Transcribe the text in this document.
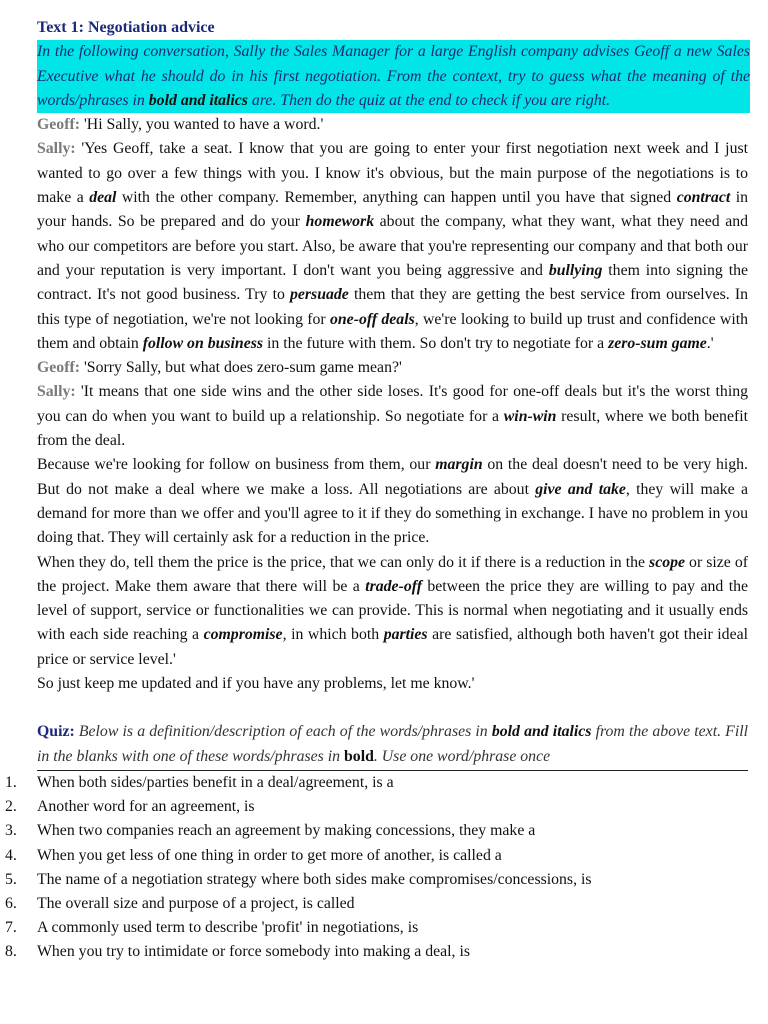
Text 1: Negotiation advice
In the following conversation, Sally the Sales Manager for a large English company advises Geoff a new Sales Executive what he should do in his first negotiation. From the context, try to guess what the meaning of the words/phrases in bold and italics are. Then do the quiz at the end to check if you are right.

Geoff: 'Hi Sally, you wanted to have a word.'

Sally: 'Yes Geoff, take a seat. I know that you are going to enter your first negotiation next week and I just wanted to go over a few things with you. I know it's obvious, but the main purpose of the negotiations is to make a deal with the other company. Remember, anything can happen until you have that signed contract in your hands. So be prepared and do your homework about the company, what they want, what they need and who our competitors are before you start. Also, be aware that you're representing our company and that both our and your reputation is very important. I don't want you being aggressive and bullying them into signing the contract. It's not good business. Try to persuade them that they are getting the best service from ourselves. In this type of negotiation, we're not looking for one-off deals, we're looking to build up trust and confidence with them and obtain follow on business in the future with them. So don't try to negotiate for a zero-sum game.'

Geoff: 'Sorry Sally, but what does zero-sum game mean?'

Sally: 'It means that one side wins and the other side loses. It's good for one-off deals but it's the worst thing you can do when you want to build up a relationship. So negotiate for a win-win result, where we both benefit from the deal.

Because we're looking for follow on business from them, our margin on the deal doesn't need to be very high. But do not make a deal where we make a loss. All negotiations are about give and take, they will make a demand for more than we offer and you'll agree to it if they do something in exchange. I have no problem in you doing that. They will certainly ask for a reduction in the price.

When they do, tell them the price is the price, that we can only do it if there is a reduction in the scope or size of the project. Make them aware that there will be a trade-off between the price they are willing to pay and the level of support, service or functionalities we can provide. This is normal when negotiating and it usually ends with each side reaching a compromise, in which both parties are satisfied, although both haven't got their ideal price or service level.'

So just keep me updated and if you have any problems, let me know.'

Quiz: Below is a definition/description of each of the words/phrases in bold and italics from the above text. Fill in the blanks with one of these words/phrases in bold. Use one word/phrase once
1.	When both sides/parties benefit in a deal/agreement, is a
2.	Another word for an agreement, is
3.	When two companies reach an agreement by making concessions, they make a
4.	When you get less of one thing in order to get more of another, is called a
5.	The name of a negotiation strategy where both sides make compromises/concessions, is
6.	The overall size and purpose of a project, is called
7.	A commonly used term to describe 'profit' in negotiations, is
8.	When you try to intimidate or force somebody into making a deal, is
